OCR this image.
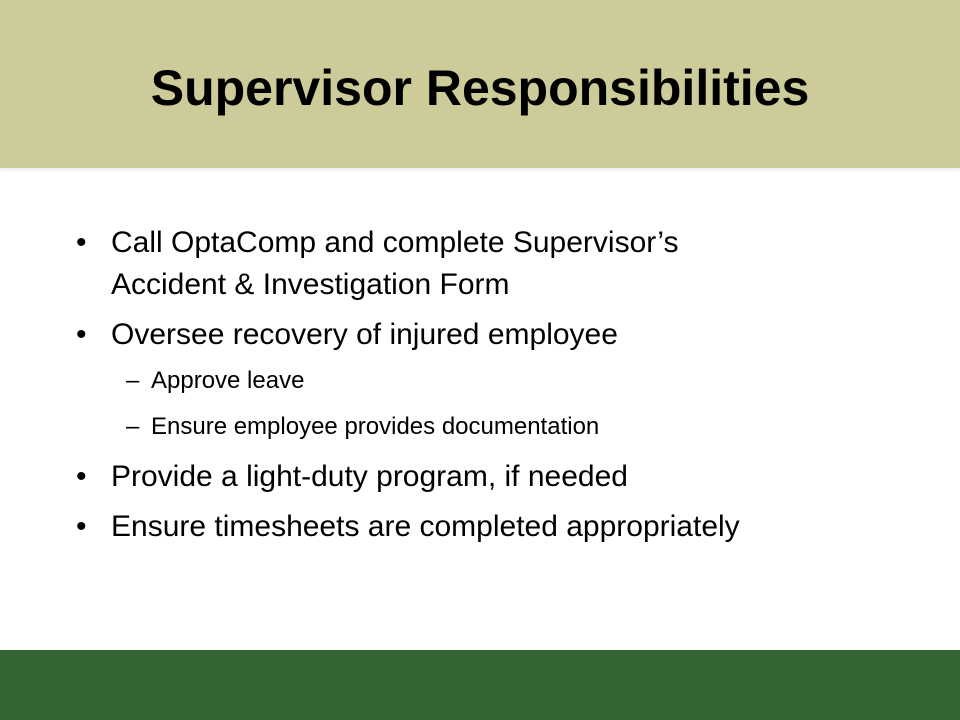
Supervisor Responsibilities
• Call OptaComp and complete Supervisor’s
Accident & Investigation Form
• Oversee recovery of injured employee
– Approve leave
– Ensure employee provides documentation
• Provide a light-duty program, if needed
• Ensure timesheets are completed appropriately
